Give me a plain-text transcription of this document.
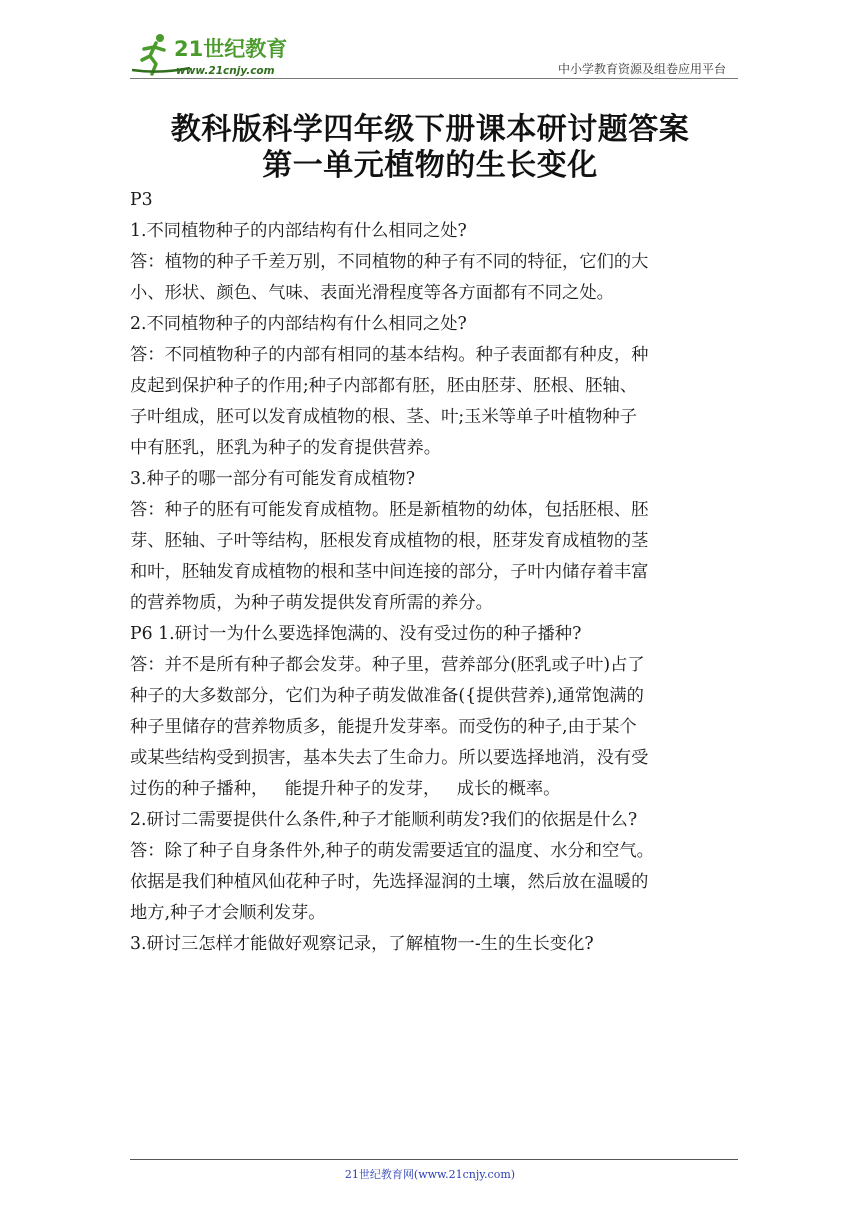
21世纪教育
www.21cnjy.com	中小学教育资源及组卷应用平台
教科版科学四年级下册课本研讨题答案
第一单元植物的生长变化
P3
1.不同植物种子的内部结构有什么相同之处?
答：植物的种子千差万别，不同植物的种子有不同的特征，它们的大
小、形状、颜色、气味、表面光滑程度等各方面都有不同之处。
2.不同植物种子的内部结构有什么相同之处?
答：不同植物种子的内部有相同的基本结构。种子表面都有种皮，种
皮起到保护种子的作用;种子内部都有胚，胚由胚芽、胚根、胚轴、
子叶组成，胚可以发育成植物的根、茎、叶;玉米等单子叶植物种子
中有胚乳，胚乳为种子的发育提供营养。
3.种子的哪一部分有可能发育成植物?
答：种子的胚有可能发育成植物。胚是新植物的幼体，包括胚根、胚
芽、胚轴、子叶等结构，胚根发育成植物的根，胚芽发育成植物的茎
和叶，胚轴发育成植物的根和茎中间连接的部分，子叶内储存着丰富
的营养物质，为种子萌发提供发育所需的养分。
P6 1.研讨一为什么要选择饱满的、没有受过伤的种子播种?
答：并不是所有种子都会发芽。种子里，营养部分(胚乳或子叶)占了
种子的大多数部分，它们为种子萌发做准备({提供营养),通常饱满的
种子里储存的营养物质多，能提升发芽率。而受伤的种子,由于某个
或某些结构受到损害，基本失去了生命力。所以要选择地消，没有受
过伤的种子播种，   能提升种子的发芽，   成长的概率。
2.研讨二需要提供什么条件,种子才能顺利萌发?我们的依据是什么?
答：除了种子自身条件外,种子的萌发需要适宜的温度、水分和空气。
依据是我们种植风仙花种子时，先选择湿润的土壤，然后放在温暖的
地方,种子才会顺利发芽。
3.研讨三怎样才能做好观察记录，了解植物一-生的生长变化?
21世纪教育网(www.21cnjy.com)
